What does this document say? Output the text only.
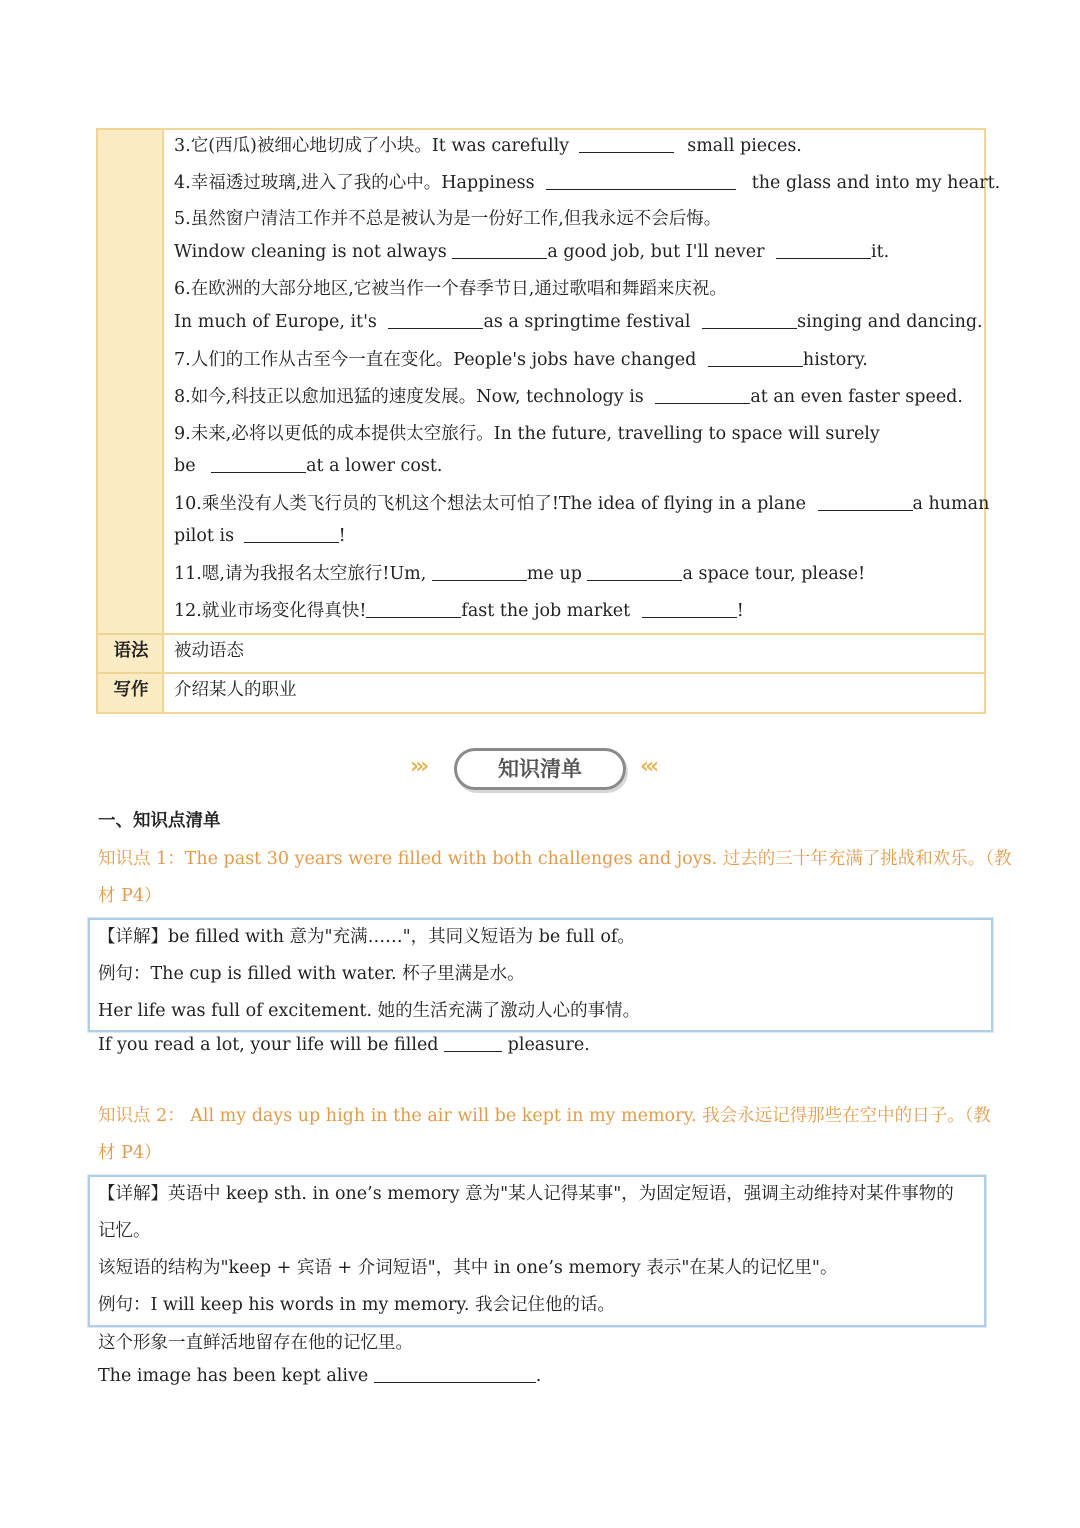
3.它(西瓜)被细心地切成了小块。It was carefully	small pieces.
4.幸福透过玻璃,进入了我的心中。Happiness	the glass and into my heart.
5.虽然窗户清洁工作并不总是被认为是一份好工作,但我永远不会后悔。
Window cleaning is not always	a good job, but I'll never	it.
6.在欧洲的大部分地区,它被当作一个春季节日,通过歌唱和舞蹈来庆祝。
In much of Europe, it's	as a springtime festival	singing and dancing.
7.人们的工作从古至今一直在变化。People's jobs have changed	history.
8.如今,科技正以愈加迅猛的速度发展。Now, technology is	at an even faster speed.
9.未来,必将以更低的成本提供太空旅行。In the future, travelling to space will surely
be	at a lower cost.
10.乘坐没有人类飞行员的飞机这个想法太可怕了!The idea of flying in a plane	a human
pilot is	!
11.嗯,请为我报名太空旅行!Um,	me up	a space tour, please!
12.就业市场变化得真快!	fast the job market	!
语法	被动语态
写作	介绍某人的职业
›››	知识清单	‹‹‹
一、知识点清单
知识点 1：The past 30 years were filled with both challenges and joys. 过去的三十年充满了挑战和欢乐。（教
材 P4）
【详解】be filled with 意为"充满……"，其同义短语为 be full of。
例句：The cup is filled with water. 杯子里满是水。
Her life was full of excitement. 她的生活充满了激动人心的事情。
If you read a lot, your life will be filled	pleasure.
知识点 2： All my days up high in the air will be kept in my memory. 我会永远记得那些在空中的日子。（教
材 P4）
【详解】英语中 keep sth. in one’s memory 意为"某人记得某事"，为固定短语，强调主动维持对某件事物的
记忆。
该短语的结构为"keep + 宾语 + 介词短语"，其中 in one’s memory 表示"在某人的记忆里"。
例句：I will keep his words in my memory. 我会记住他的话。
这个形象一直鲜活地留存在他的记忆里。
The image has been kept alive	.
